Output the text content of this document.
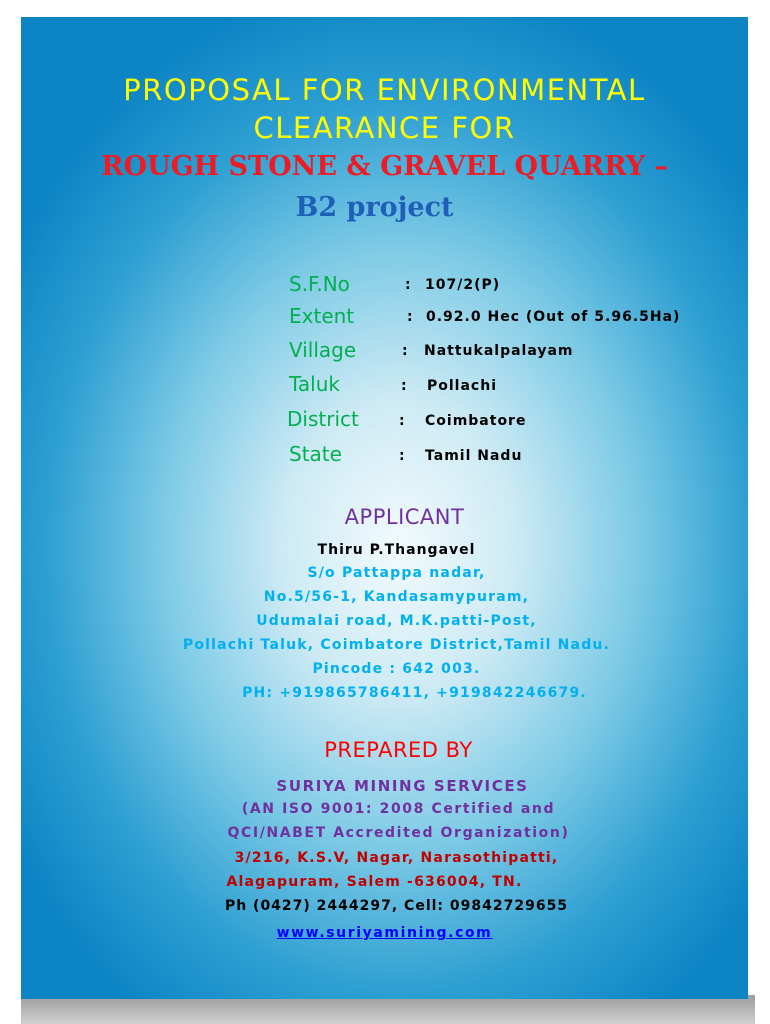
PROPOSAL FOR ENVIRONMENTAL
CLEARANCE FOR
ROUGH STONE & GRAVEL QUARRY –
B2 project
S.F.No	: 107/2(P)
Extent	: 0.92.0 Hec (Out of 5.96.5Ha)
Village	: Nattukalpalayam
Taluk	: Pollachi
District	: Coimbatore
State	: Tamil Nadu
APPLICANT
Thiru P.Thangavel
S/o Pattappa nadar,
No.5/56-1, Kandasamypuram,
Udumalai road, M.K.patti-Post,
Pollachi Taluk, Coimbatore District,Tamil Nadu.
Pincode : 642 003.
PH: +919865786411, +919842246679.
PREPARED BY
SURIYA MINING SERVICES
(AN ISO 9001: 2008 Certified and
QCI/NABET Accredited Organization)
3/216, K.S.V, Nagar, Narasothipatti,
Alagapuram, Salem -636004, TN.
Ph (0427) 2444297, Cell: 09842729655
www.suriyamining.com
